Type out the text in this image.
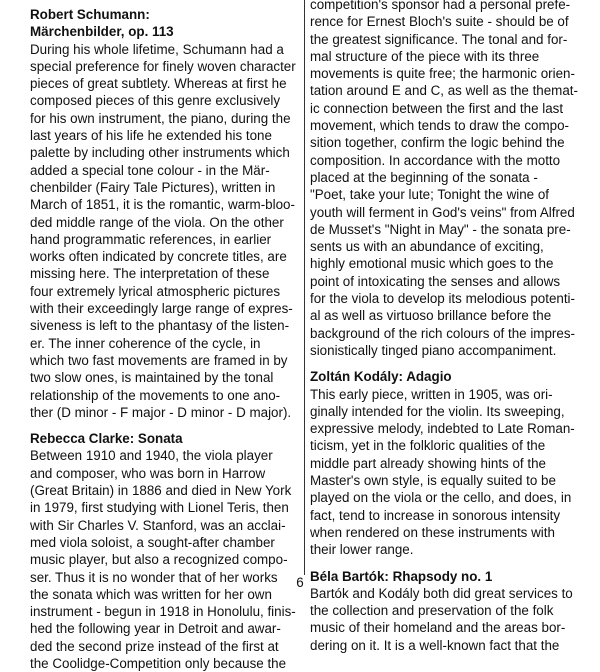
Robert Schumann:
Märchenbilder, op. 113
During his whole lifetime, Schumann had a
special preference for finely woven character
pieces of great subtlety. Whereas at first he
composed pieces of this genre exclusively
for his own instrument, the piano, during the
last years of his life he extended his tone
palette by including other instruments which
added a special tone colour - in the Mär-
chenbilder (Fairy Tale Pictures), written in
March of 1851, it is the romantic, warm-bloo-
ded middle range of the viola. On the other
hand programmatic references, in earlier
works often indicated by concrete titles, are
missing here. The interpretation of these
four extremely lyrical atmospheric pictures
with their exceedingly large range of expres-
siveness is left to the phantasy of the listen-
er. The inner coherence of the cycle, in
which two fast movements are framed in by
two slow ones, is maintained by the tonal
relationship of the movements to one ano-
ther (D minor - F major - D minor - D major).
Rebecca Clarke: Sonata
Between 1910 and 1940, the viola player
and composer, who was born in Harrow
(Great Britain) in 1886 and died in New York
in 1979, first studying with Lionel Teris, then
with Sir Charles V. Stanford, was an acclai-
med viola soloist, a sought-after chamber
music player, but also a recognized compo-
ser. Thus it is no wonder that of her works
the sonata which was written for her own
instrument - begun in 1918 in Honolulu, finis-
hed the following year in Detroit and awar-
ded the second prize instead of the first at
the Coolidge-Competition only because the
competition's sponsor had a personal prefe-
rence for Ernest Bloch's suite - should be of
the greatest significance. The tonal and for-
mal structure of the piece with its three
movements is quite free; the harmonic orien-
tation around E and C, as well as the themat-
ic connection between the first and the last
movement, which tends to draw the compo-
sition together, confirm the logic behind the
composition. In accordance with the motto
placed at the beginning of the sonata -
"Poet, take your lute; Tonight the wine of
youth will ferment in God's veins" from Alfred
de Musset's "Night in May" - the sonata pre-
sents us with an abundance of exciting,
highly emotional music which goes to the
point of intoxicating the senses and allows
for the viola to develop its melodious potenti-
al as well as virtuoso brillance before the
background of the rich colours of the impres-
sionistically tinged piano accompaniment.
Zoltán Kodály: Adagio
This early piece, written in 1905, was ori-
ginally intended for the violin. Its sweeping,
expressive melody, indebted to Late Roman-
ticism, yet in the folkloric qualities of the
middle part already showing hints of the
Master's own style, is equally suited to be
played on the viola or the cello, and does, in
fact, tend to increase in sonorous intensity
when rendered on these instruments with
their lower range.
Béla Bartók: Rhapsody no. 1
Bartók and Kodály both did great services to
the collection and preservation of the folk
music of their homeland and the areas bor-
dering on it. It is a well-known fact that the
6
